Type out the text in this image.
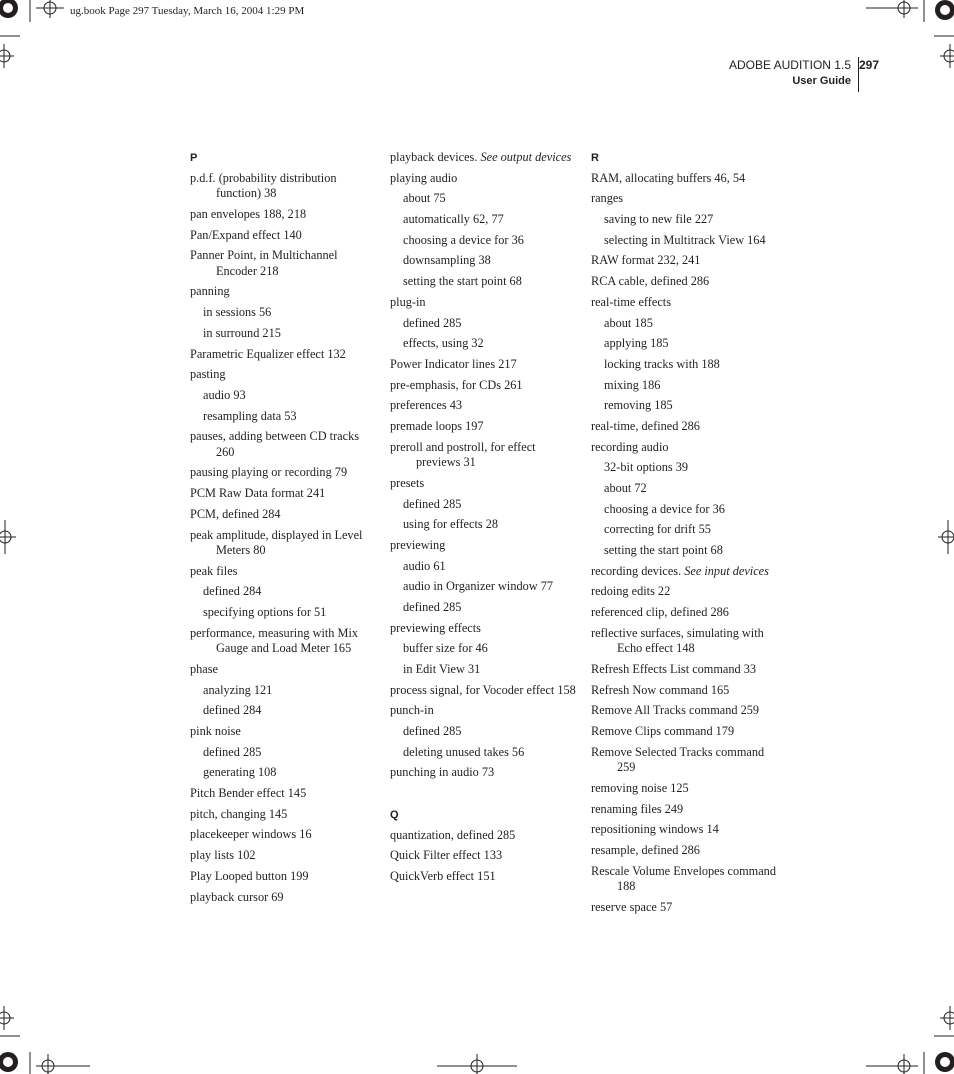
ug.book Page 297 Tuesday, March 16, 2004 1:29 PM
ADOBE AUDITION 1.5 297
User Guide
P
p.d.f. (probability distribution function) 38
pan envelopes 188, 218
Pan/Expand effect 140
Panner Point, in Multichannel Encoder 218
panning
in sessions 56
in surround 215
Parametric Equalizer effect 132
pasting
audio 93
resampling data 53
pauses, adding between CD tracks 260
pausing playing or recording 79
PCM Raw Data format 241
PCM, defined 284
peak amplitude, displayed in Level Meters 80
peak files
defined 284
specifying options for 51
performance, measuring with Mix Gauge and Load Meter 165
phase
analyzing 121
defined 284
pink noise
defined 285
generating 108
Pitch Bender effect 145
pitch, changing 145
placekeeper windows 16
play lists 102
Play Looped button 199
playback cursor 69
playback devices. See output devices
playing audio
about 75
automatically 62, 77
choosing a device for 36
downsampling 38
setting the start point 68
plug-in
defined 285
effects, using 32
Power Indicator lines 217
pre-emphasis, for CDs 261
preferences 43
premade loops 197
preroll and postroll, for effect previews 31
presets
defined 285
using for effects 28
previewing
audio 61
audio in Organizer window 77
defined 285
previewing effects
buffer size for 46
in Edit View 31
process signal, for Vocoder effect 158
punch-in
defined 285
deleting unused takes 56
punching in audio 73
Q
quantization, defined 285
Quick Filter effect 133
QuickVerb effect 151
R
RAM, allocating buffers 46, 54
ranges
saving to new file 227
selecting in Multitrack View 164
RAW format 232, 241
RCA cable, defined 286
real-time effects
about 185
applying 185
locking tracks with 188
mixing 186
removing 185
real-time, defined 286
recording audio
32-bit options 39
about 72
choosing a device for 36
correcting for drift 55
setting the start point 68
recording devices. See input devices
redoing edits 22
referenced clip, defined 286
reflective surfaces, simulating with Echo effect 148
Refresh Effects List command 33
Refresh Now command 165
Remove All Tracks command 259
Remove Clips command 179
Remove Selected Tracks command 259
removing noise 125
renaming files 249
repositioning windows 14
resample, defined 286
Rescale Volume Envelopes command 188
reserve space 57
